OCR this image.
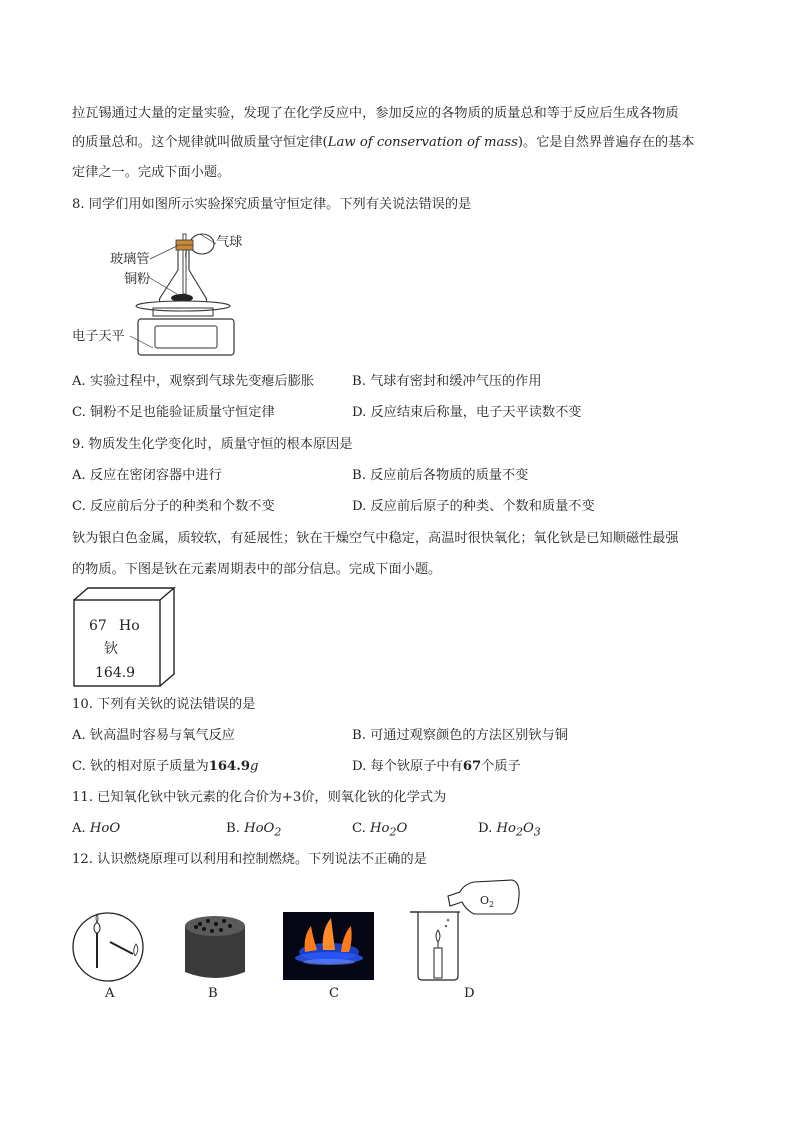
拉瓦锡通过大量的定量实验，发现了在化学反应中，参加反应的各物质的质量总和等于反应后生成各物质
的质量总和。这个规律就叫做质量守恒定律(Law of conservation of mass)。它是自然界普遍存在的基本
定律之一。完成下面小题。
8. 同学们用如图所示实验探究质量守恒定律。下列有关说法错误的是
气球
玻璃管
铜粉
电子天平
A. 实验过程中，观察到气球先变瘪后膨胀	B. 气球有密封和缓冲气压的作用
C. 铜粉不足也能验证质量守恒定律	D. 反应结束后称量，电子天平读数不变
9. 物质发生化学变化时，质量守恒的根本原因是
A. 反应在密闭容器中进行	B. 反应前后各物质的质量不变
C. 反应前后分子的种类和个数不变	D. 反应前后原子的种类、个数和质量不变
钬为银白色金属，质较软，有延展性；钬在干燥空气中稳定，高温时很快氧化；氧化钬是已知顺磁性最强
的物质。下图是钬在元素周期表中的部分信息。完成下面小题。
67 Ho
钬
164.9
10. 下列有关钬的说法错误的是
A. 钬高温时容易与氧气反应	B. 可通过观察颜色的方法区别钬与铜
C. 钬的相对原子质量为164.9g	D. 每个钬原子中有67个质子
11. 已知氧化钬中钬元素的化合价为+3价，则氧化钬的化学式为
A. HoO	B. HoO$_2$	C. $Ho_2O$	D. $Ho_2O_3$
12. 认识燃烧原理可以利用和控制燃烧。下列说法不正确的是
$O_2$
A	B	C	D
